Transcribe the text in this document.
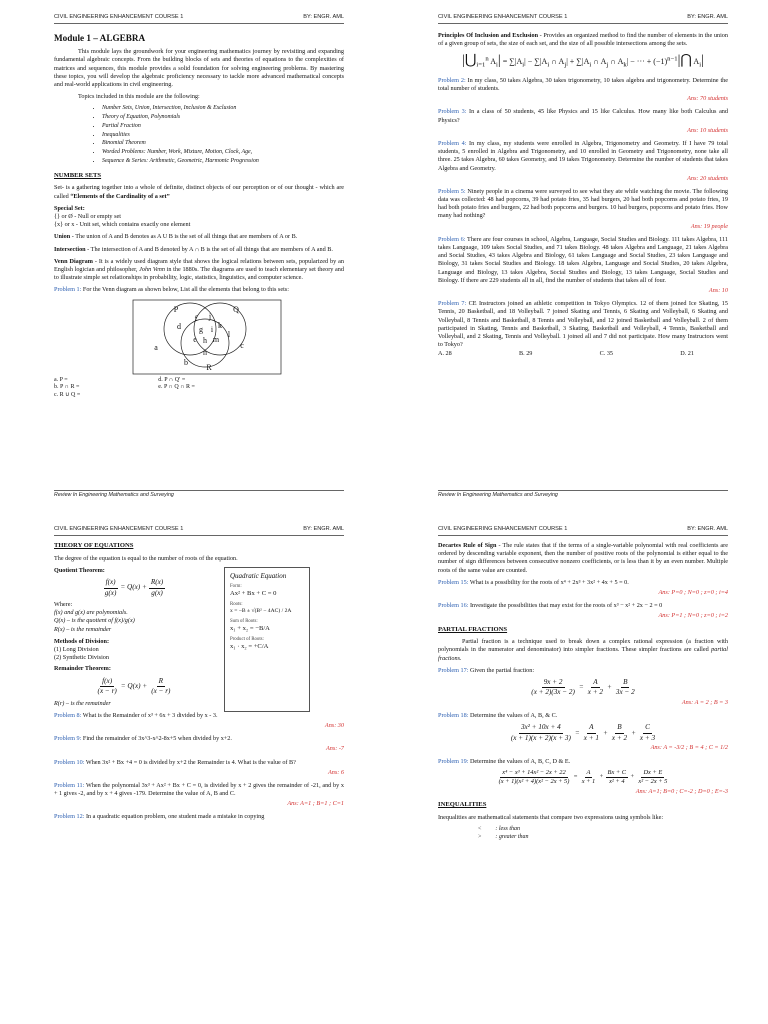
CIVIL ENGINEERING ENHANCEMENT COURSE 1	BY: ENGR. AML
Module 1 – ALGEBRA

This module lays the groundwork for your engineering mathematics journey by revisiting and expanding fundamental algebraic concepts. From the building blocks of sets and theories of equations to the complexities of matrices and sequences, this module provides a solid foundation for solving engineering problems. By mastering these topics, you will develop the algebraic proficiency necessary to tackle more advanced mathematical concepts and real-world applications in civil engineering.

Topics included in this module are the following:

• Number Sets, Union, Intersection, Inclusion & Exclusion
• Theory of Equation, Polynomials
• Partial Fraction
• Inequalities
• Binomial Theorem
• Worded Problems: Number, Work, Mixture, Motion, Clock, Age,
• Sequence & Series: Arithmetic, Geometric, Harmonic Progression
NUMBER SETS

Set- is a gathering together into a whole of definite, distinct objects of our perception or of our thought - which are called “Elements of the Cardinality of a set”

Special Set:
{} or Ø - Null or empty set
{x} or x - Unit set, which contains exactly one element

Union - The union of A and B denotes as A U B is the set of all things that are members of A or B.

Intersection - The intersection of A and B denoted by A ∩ B is the set of all things that are members of A and B.

Venn Diagram - It is a widely used diagram style that shows the logical relations between sets, popularized by an English logician and philosopher, John Venn in the 1880s. The diagrams are used to teach elementary set theory and to illustrate simple set relationships in probability, logic, statistics, linguistics, and computer science.

Problem 1: For the Venn diagram as shown below, List all the elements that belong to this sets:

P	Q
R
d
f j
k
l
g i
e h m
n
a
b
c
a. P =
b. P ∩ R =
c. R ∪ Q =
d. P ∩ Q′ =
e. P ∩ Q ∩ R =
Review In Engineering Mathematics and Surveying
CIVIL ENGINEERING ENHANCEMENT COURSE 1	BY: ENGR. AML

Principles Of Inclusion and Exclusion - Provides an organized method to find the number of elements in the union of a given group of sets, the size of each set, and the size of all possible intersections among the sets.

$|⋃_{i=1}^n$ $A_i| = \sum|A_i| - \sum|A_i$ ∩ $A_j| + \sum|A_i$ ∩ $A_j$ ∩ $A_k|$ − ··· + $(-1)^{n-1}|⋂$ $A_i|$

Problem 2: In my class, 50 takes Algebra, 30 takes trigonometry, 10 takes algebra and trigonometry. Determine the total number of students.

Ans: 70 students

Problem 3: In a class of 50 students, 45 like Physics and 15 like Calculus. How many like both Calculus and Physics?

Ans: 10 students

Problem 4: In my class, my students were enrolled in Algebra, Trigonometry and Geometry. If I have 79 total students, 5 enrolled in Algebra and Trigonometry, and 10 enrolled in Geometry and Trigonometry, none take all three. 25 takes Algebra, 60 takes Geometry, and 19 takes Trigonometry. Determine the number of students that takes Algebra and Geometry.

Ans: 20 students

Problem 5: Ninety people in a cinema were surveyed to see what they ate while watching the movie. The following data was collected: 48 had popcorns, 39 had potato fries, 35 had burgers, 20 had both popcorns and potato fries, 19 had both potato fries and burgers, 22 had both popcorns and burgers. 10 had burgers, popcorns and potato fries. How many had nothing?

Ans: 19 people

Problem 6: There are four courses in school, Algebra, Language, Social Studies and Biology. 111 takes Algebra, 111 takes Language, 109 takes Social Studies, and 71 takes Biology. 48 takes Algebra and Language, 21 takes Algebra and Social Studies, 43 takes Algebra and Biology, 61 takes Language and Social Studies, 23 takes Language and Biology, 31 takes Social Studies and Biology. 18 takes Algebra, Language and Social Studies, 20 takes Algebra, Language and Biology, 13 takes Algebra, Social Studies and Biology, 13 takes Language, Social Studies and Biology. If there are 229 students all in all, find the number of students that takes all of four.

Ans: 10

Problem 7: CE Instructors joined an athletic competition in Tokyo Olympics. 12 of them joined Ice Skating, 15 Tennis, 20 Basketball, and 18 Volleyball. 7 joined Skating and Tennis, 6 Skating and Volleyball, 6 Skating and Volleyball, 8 Tennis and Basketball, 8 Tennis and Volleyball, and 12 joined Basketball and Volleyball. 2 of them participated in Skating, Tennis and Basketball, 3 Skating, Basketball and Volleyball, 4 Tennis, Basketball and Volleyball, and 2 Skating, Tennis and Volleyball. 1 joined all and 7 did not participate. How many Instructors went to Tokyo?

A. 28	B. 29	C. 35	D. 21
Review In Engineering Mathematics and Surveying
CIVIL ENGINEERING ENHANCEMENT COURSE 1	BY: ENGR. AML
THEORY OF EQUATIONS

The degree of the equation is equal to the number of roots of the equation.

Quotient Theorem:
$\frac{f(x)}{g(x)} = Q(x) + \frac{R(x)}{g(x)}$
Where:
f(x) and g(x) are polynomials.
Q(x) – is the quotient of f(x)/g(x)
R(x) – is the remainder
Methods of Division:
(1) Long Division
(2) Synthetic Division
Remainder Theorem:
$\frac{f(x)}{(x - r)} = Q(x) + \frac{R}{(x - r)}$
R(r) – is the remainder
Quadratic Equation
Form:
Ax² + Bx + C = 0
Roots:
x = −B ± √(B² − 4AC) / 2A
Sum of Roots:
x₁ + x₂ = −B/A
Product of Roots:
x₁ · x₂ = +C/A

Problem 8: What is the Remainder of x³ + 6x + 3 divided by x - 3.

Ans: 30

Problem 9: Find the remainder of 3x^3-x^2-8x+5 when divided by x+2.

Ans: -7

Problem 10: When 3x² + Bx +4 = 0 is divided by x+2 the Remainder is 4. What is the value of B?

Ans: 6

Problem 11: When the polynomial 3x³ + Ax² + Bx + C = 0, is divided by x + 2 gives the remainder of -21, and by x + 1 gives -2, and by x + 4 gives -179. Determine the value of A, B and C.

Ans: A=1 ; B=1 ; C=1

Problem 12: In a quadratic equation problem, one student made a mistake in copying

CIVIL ENGINEERING ENHANCEMENT COURSE 1	BY: ENGR. AML

Decartes Rule of Sign - The rule states that if the terms of a single-variable polynomial with real coefficients are ordered by descending variable exponent, then the number of positive roots of the polynomial is either equal to the number of sign differences between consecutive nonzero coefficients, or is less than it by an even number. Multiple roots of the same value are counted.

Problem 15: What is a possibility for the roots of x⁴ + 2x³ + 3x² + 4x + 5 = 0.

Ans: P=0 ; N=0 ; z=0 ; i=4

Problem 16: Investigate the possibilities that may exist for the roots of x³ − x² + 2x − 2 = 0

Ans: P=1 ; N=0 ; z=0 ; i=2
PARTIAL FRACTIONS

Partial fraction is a technique used to break down a complex rational expression (a fraction with polynomials in the numerator and denominator) into simpler fractions. These simpler fractions are called partial fractions.

Problem 17: Given the partial fraction:

$\frac{9x + 2}{(x + 2)(3x - 2)} = \frac{A}{x + 2} + \frac{B}{3x - 2}$
Ans: A = 2 ; B = 3

Problem 18: Determine the values of A, B, & C.

$\frac{\text{3x² + 10x + 4}}{(x + 1)(x + 2)(x + 3)} = \frac{A}{x + 1} + \frac{B}{x + 2} + \frac{C}{x + 3}$
Ans: A = -3/2 ; B = 4 ; C = 1/2

Problem 19: Determine the values of A, B, C, D & E.

$\frac{\text{x⁴ − x³ + 14x² − 2x + 22}}{\text{(x + 1)(x² + 4)(x² − 2x + 5)}} = \frac{A}{x + 1} + \frac{Bx + C}{\text{x² + 4}} + \frac{Dx + E}{\text{x² − 2x + 5}}$
Ans: A=1; B=0 ; C=-2 ; D=0 ; E=-3
INEQUALITIES

Inequalities are mathematical statements that compare two expressions using symbols like:

< : less than
> : greater than
